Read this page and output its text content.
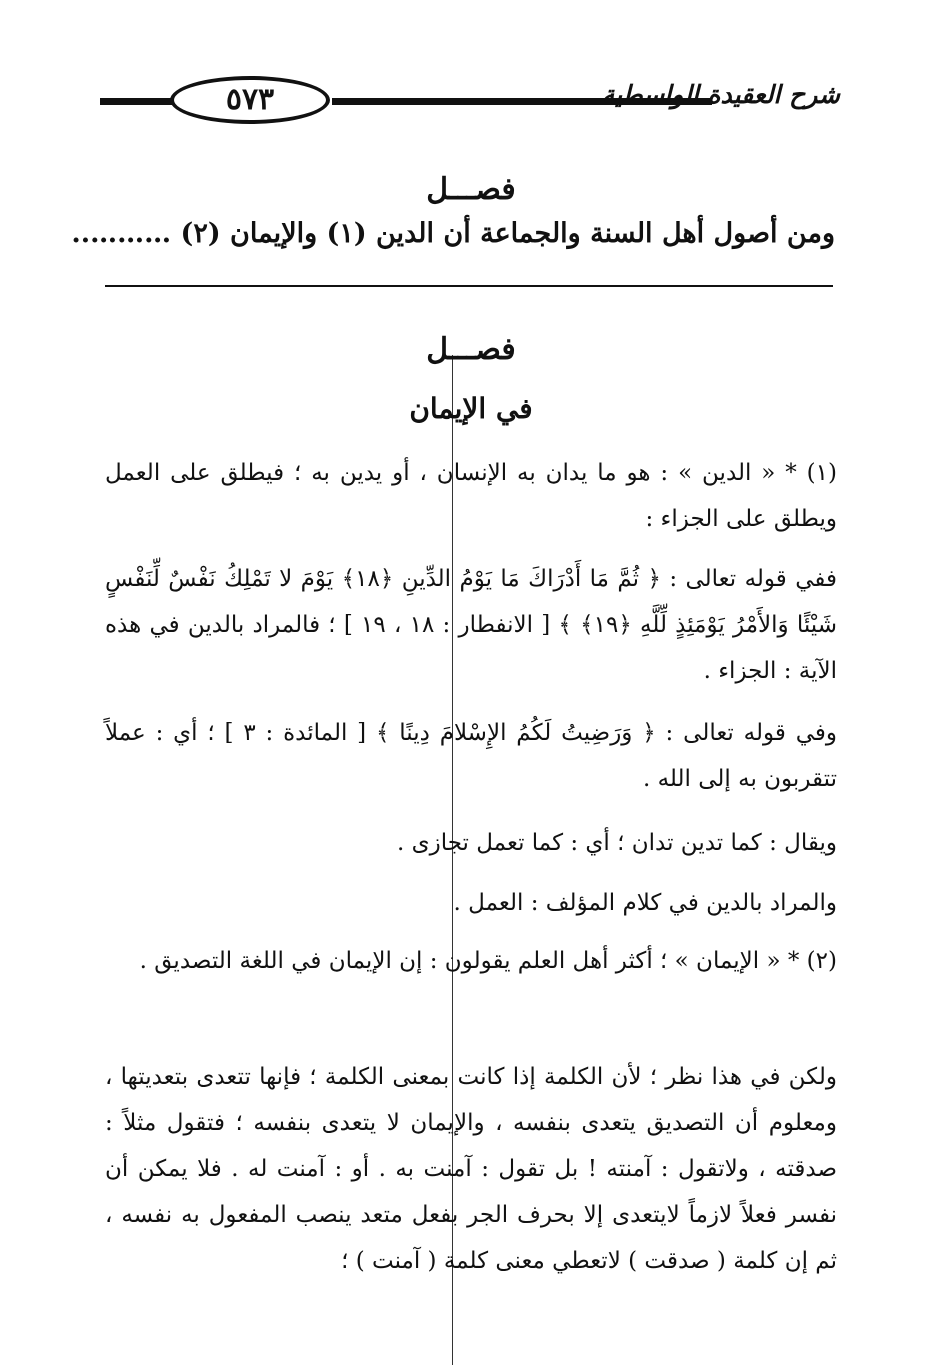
٥٧٣	شرح العقيدة الواسطية
فصـــل
ومن أصول أهل السنة والجماعة أن الدين (١) والإيمان (٢) ………..
فصـــل
في الإيمان
(١) * « الدين » : هو ما يدان به الإنسان ، أو يدين به ؛ فيطلق على العمل ويطلق على الجزاء :
ففي قوله تعالى : ﴿ ثُمَّ مَا أَدْرَاكَ مَا يَوْمُ الدِّينِ ﴿١٨﴾ يَوْمَ لا تَمْلِكُ نَفْسٌ لِّنَفْسٍ شَيْئًا وَالأَمْرُ يَوْمَئِذٍ لِّلَّهِ ﴿١٩﴾ ﴾ [ الانفطار : ١٨ ، ١٩ ] ؛ فالمراد بالدين في هذه الآية : الجزاء .
وفي قوله تعالى : ﴿ وَرَضِيتُ لَكُمُ الإِسْلامَ دِينًا ﴾ [ المائدة : ٣ ] ؛ أي : عملاً تتقربون به إلى الله .
ويقال : كما تدين تدان ؛ أي : كما تعمل تجازى .
والمراد بالدين في كلام المؤلف : العمل .
(٢) * « الإيمان » ؛ أكثر أهل العلم يقولون : إن الإيمان في اللغة التصديق .
ولكن في هذا نظر ؛ لأن الكلمة إذا كانت بمعنى الكلمة ؛ فإنها تتعدى بتعديتها ، ومعلوم أن التصديق يتعدى بنفسه ، والإيمان لا يتعدى بنفسه ؛ فتقول مثلاً : صدقته ، ولاتقول : آمنته ! بل تقول : آمنت به . أو : آمنت له . فلا يمكن أن نفسر فعلاً لازماً لايتعدى إلا بحرف الجر بفعل متعد ينصب المفعول به نفسه ، ثم إن كلمة ( صدقت ) لاتعطي معنى كلمة ( آمنت ) ؛
